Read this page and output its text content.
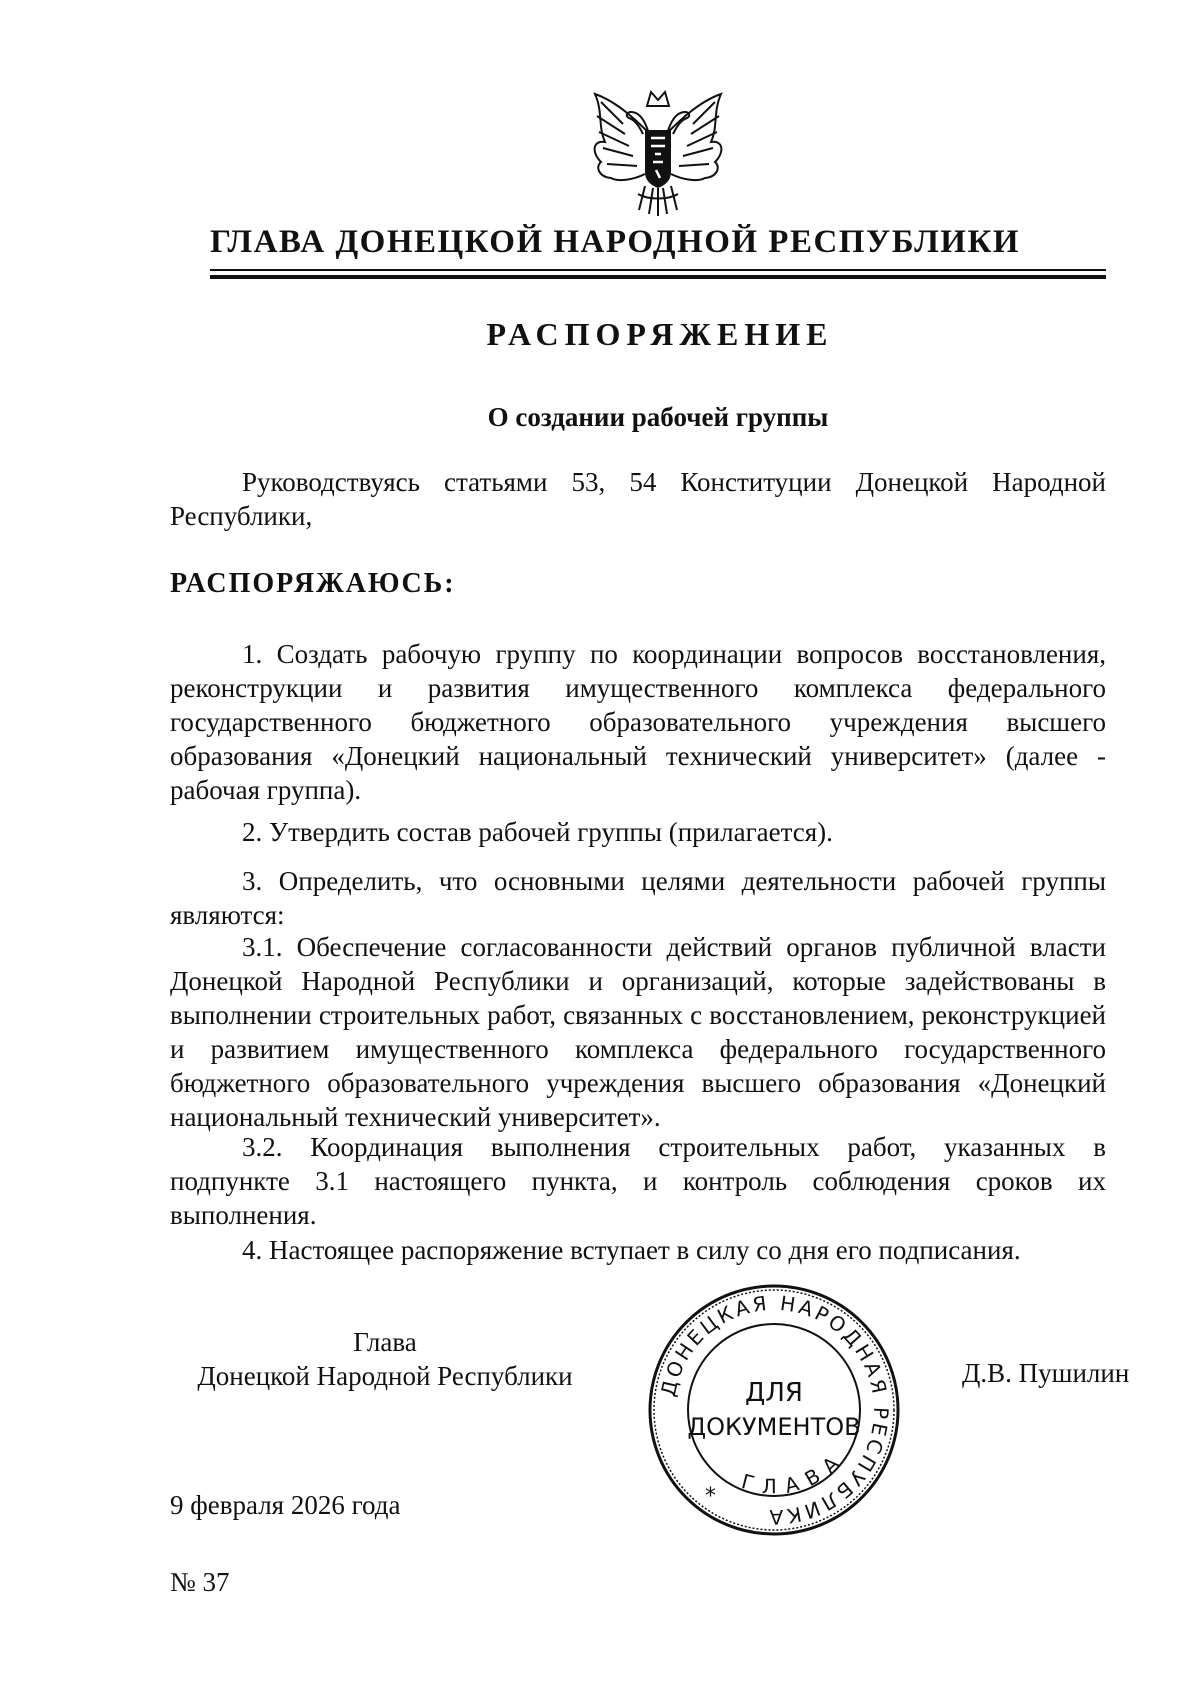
ГЛАВА ДОНЕЦКОЙ НАРОДНОЙ РЕСПУБЛИКИ
РАСПОРЯЖЕНИЕ
О создании рабочей группы
Руководствуясь статьями 53, 54 Конституции Донецкой Народной Республики,
РАСПОРЯЖАЮСЬ:
1. Создать рабочую группу по координации вопросов восстановления, реконструкции и развития имущественного комплекса федерального государственного бюджетного образовательного учреждения высшего образования «Донецкий национальный технический университет» (далее - рабочая группа).
2. Утвердить состав рабочей группы (прилагается).
3. Определить, что основными целями деятельности рабочей группы являются:
3.1. Обеспечение согласованности действий органов публичной власти Донецкой Народной Республики и организаций, которые задействованы в выполнении строительных работ, связанных с восстановлением, реконструкцией и развитием имущественного комплекса федерального государственного бюджетного образовательного учреждения высшего образования «Донецкий национальный технический университет».
3.2. Координация выполнения строительных работ, указанных в подпункте 3.1 настоящего пункта, и контроль соблюдения сроков их выполнения.
4. Настоящее распоряжение вступает в силу со дня его подписания.
Глава
Донецкой Народной Республики	Д.В. Пушилин
ДОНЕЦКАЯ НАРОДНАЯ РЕСПУБЛИКА
ГЛАВА
*
ДЛЯ
ДОКУМЕНТОВ
9 февраля 2026 года
№ 37
